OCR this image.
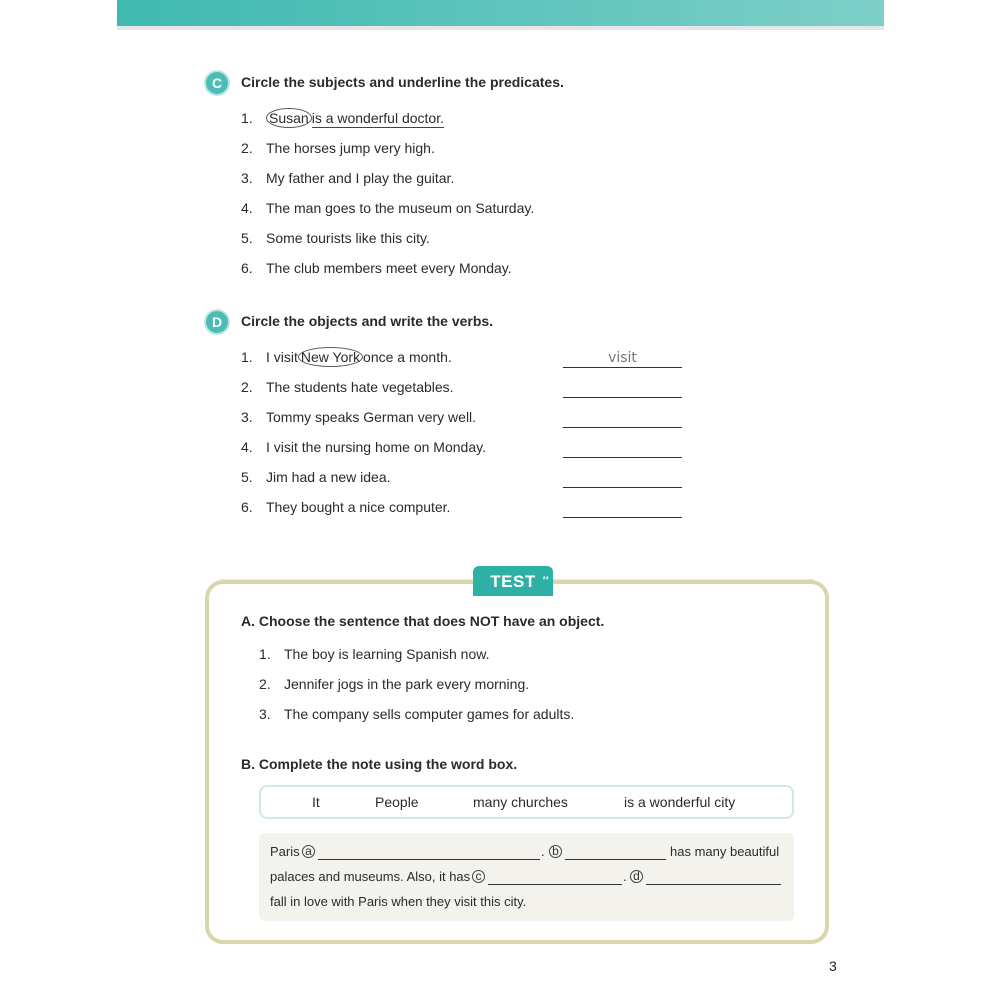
C	Circle the subjects and underline the predicates.
1. Susan is a wonderful doctor.
2. The horses jump very high.
3. My father and I play the guitar.
4. The man goes to the museum on Saturday.
5. Some tourists like this city.
6. The club members meet every Monday.
D	Circle the objects and write the verbs.
1. I visit New York once a month.	visit
2. The students hate vegetables.
3. Tommy speaks German very well.
4. I visit the nursing home on Monday.
5. Jim had a new idea.
6. They bought a nice computer.
TEST ′′
A. Choose the sentence that does NOT have an object.
1. The boy is learning Spanish now.
2. Jennifer jogs in the park every morning.
3. The company sells computer games for adults.
B. Complete the note using the word box.
It	People	many churches	is a wonderful city
Paris a	. b	has many beautiful
palaces and museums. Also, it has c	. d
fall in love with Paris when they visit this city.
3
